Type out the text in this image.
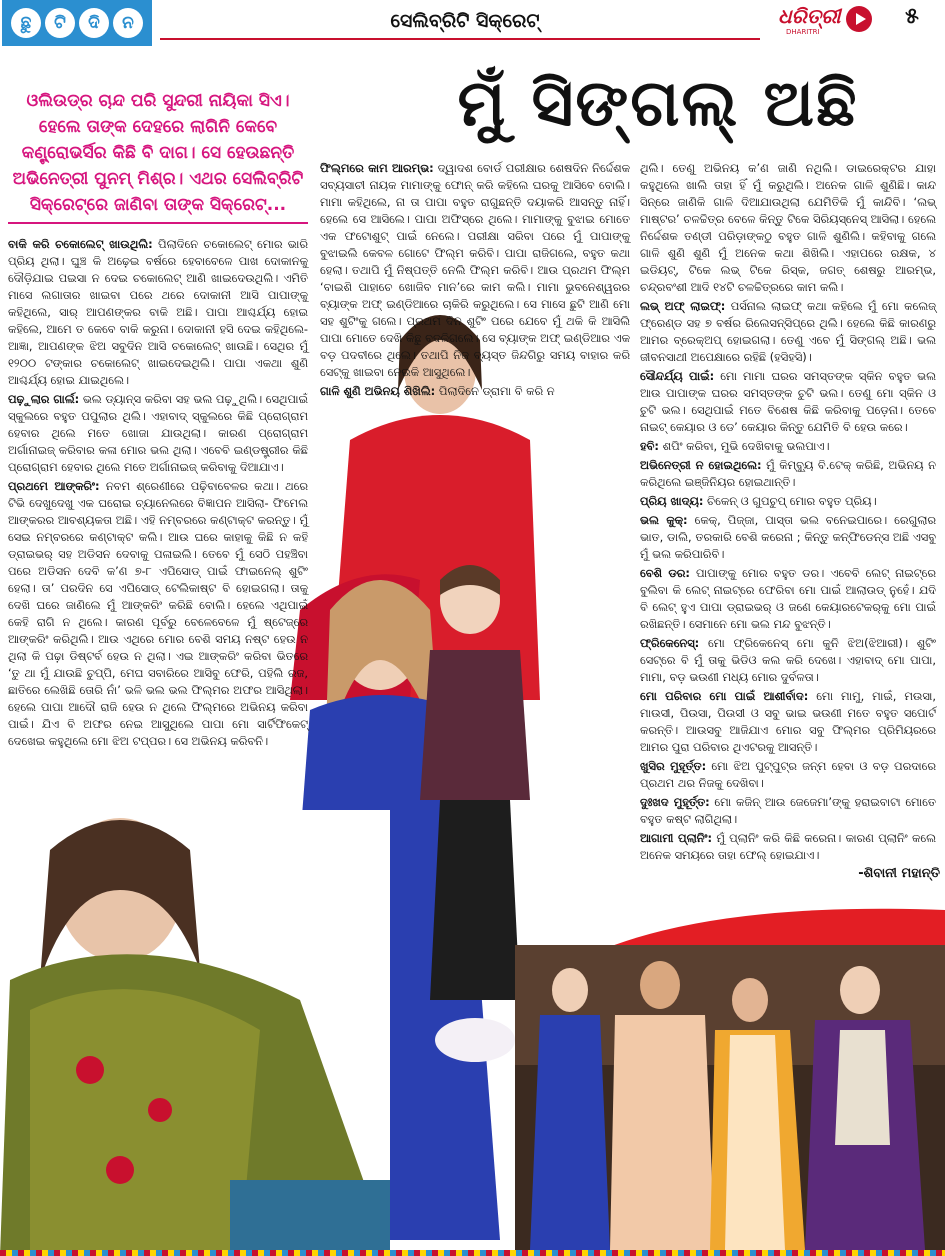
ଛୁ	ଟି	ଦି	ନ	ସେଲିବ୍ରିଟି ସିକ୍ରେଟ୍‌	ଧରିତ୍ରୀ
DHARITRI
୫
ମୁଁ ସିଙ୍ଗଲ୍ ଅଛି
ଓଲିଉଡ୍‌ର ଚାନ୍ଦ ପରି ସୁନ୍ଦରୀ ନାୟିକା ସିଏ। ହେଲେ ତାଙ୍କ ଦେହରେ ଲାଗିନି କେବେ କଣ୍ଟ୍ରୋଭର୍ସିର କିଛି ବି ଦାଗ। ସେ ହେଉଛନ୍ତି ଅଭିନେତ୍ରୀ ପୁନମ୍‌ ମିଶ୍ର। ଏଥର ସେଲିବ୍ରିଟି ସିକ୍ରେଟ୍‌ରେ ଜାଣିବା ତାଙ୍କ ସିକ୍ରେଟ୍‌...

ବାକି କରି ଚକୋଲେଟ୍ ଖାଉଥିଲି: ପିଲାଦିନେ ଚକୋଲେଟ୍ ମୋର ଭାରି ପ୍ରିୟ ଥିଲା। ଘୁଞ୍ଚ କି ଅଢ଼େଇ ବର୍ଷରେ ହେବାବେଳେ ପାଖ ଦୋକାନକୁ ଦୌଡ଼ିଯାଇ ପଇସା ନ ଦେଇ ଚକୋଲେଟ୍ ଆଣି ଖାଇଦେଉଥିଲି। ଏମିତି ମାସେ ଲଗାତାର ଖାଇବା ପରେ ଥରେ ଦୋକାନୀ ଆସି ପାପାଙ୍କୁ କହିଥିଲେ, ସାର୍ ଆପଣଙ୍କର ବାକି ଅଛି। ପାପା ଆଶ୍ଚର୍ଯ୍ୟ ହୋଇ କହିଲେ, ଆମେ ତ କେବେ ବାକି କରୁନା। ଦୋକାନୀ ହସି ଦେଇ କହିଥିଲେ-ଆଜ୍ଞା, ଆପଣଙ୍କ ଝିଅ ସବୁଦିନ ଆସି ଚକୋଲେଟ୍ ଖାଉଛି। ସେଥିର ମୁଁ ୧୨୦୦ ଟଙ୍କାର ଚକୋଲେଟ୍ ଖାଇଦେଇଥିଲି। ପାପା ଏକଥା ଶୁଣି ଆଶ୍ଚର୍ଯ୍ୟ ହୋଇ ଯାଇଥିଲେ।

ପଢ଼ୁଲାର ଗାର୍ଲ: ଭଲ ଡ୍ୟାନ୍ସ କରିବା ସହ ଭଲ ପଢ଼ୁଥିଲି। ସେଥିପାଇଁ ସ୍କୁଲରେ ବହୁତ ପପୁଲାର ଥିଲି। ଏହାବାଦ୍ ସ୍କୁଲରେ କିଛି ପ୍ରୋଗ୍ରାମ ହେବାର ଥିଲେ ମତେ ଖୋଜା ଯାଉଥିଲା। କାରଣ ପ୍ରୋଗ୍ରାମ ଅର୍ଗାନାଇଜ୍ କରିବାର କଳା ମୋର ଭଲ ଥିଲା। ଏବେବି ଇଣ୍ଡଷ୍ଟ୍ରୀର କିଛି ପ୍ରୋଗ୍ରାମ ହେବାର ଥିଲେ ମତେ ଅର୍ଗାନାଇଜ୍ କରିବାକୁ ଦିଆଯାଏ।

ପ୍ରଥମେ ଆଙ୍କରିଂ: ନବମ ଶ୍ରେଣୀରେ ପଢ଼ିବାବେଳର କଥା। ଥରେ ଟିଭି ଦେଖୁଦେଖୁ ଏକ ଘରୋଇ ଚ୍ୟାନେଲରେ ବିଜ୍ଞାପନ ଆସିଲା- ଫିମେଲ ଆଙ୍କରର ଆବଶ୍ୟକତା ଅଛି। ଏହି ନମ୍ବରରେ କଣ୍ଟାକ୍ଟ କରନ୍ତୁ। ମୁଁ ସେଇ ନମ୍ବରରେ କଣ୍ଟାକ୍ଟ କଲି। ଆଉ ଘରେ କାହାକୁ କିଛି ନ କହି ଡ୍ରାଇଭର୍ ସହ ଅଡିସନ ଦେବାକୁ ପଳାଇଲି। ତେବେ ମୁଁ ସେଠି ପହଞ୍ଚିବା ପରେ ଅଡିସନ ଦେବି କ’ଣ ୭-୮ ଏପିସୋଡ୍ ପାଇଁ ଫାଇନେଲ୍ ଶୁଟିଂ ହେଲା। ତା’ ପରଦିନ ସେ ଏପିସୋଡ୍ ଟେଲିକାଷ୍ଟ ବି ହୋଇଗଲା। ତାକୁ ଦେଖି ଘରେ ଜାଣିଲେ ମୁଁ ଆଙ୍କରିଂ କରିଛି ବୋଲି। ହେଲେ ଏଥିପାଇଁ କେହି ରାଗି ନ ଥିଲେ। କାରଣ ପୂର୍ବରୁ ବେଳେବେଳେ ମୁଁ ଷ୍ଟେଜ୍‌ରେ ଆଙ୍କରିଂ କରିଥିଲି। ଆଉ ଏଥିରେ ମୋର ବେଶି ସମୟ ନଷ୍ଟ ହେଉ ନ ଥିଲା କି ପଢ଼ା ଡିଷ୍ଟର୍ବ ହେଉ ନ ଥିଲା। ଏଇ ଆଙ୍କରିଂ କରିବା ଭିତରେ ‘ତୁ ଥା ମୁଁ ଯାଉଛି ଚୁପ୍ପି, ମେଘ ସବାରିରେ ଆସିବୁ ଫେରି, ପହିଲି ରଜ, ଛାତିରେ ଲେଖିଛି ତୋରି ନାଁ’ ଭଳି ଭଲ ଭଲ ଫିଲ୍ମର ଅଫର ଆସିଥିଲା। ହେଲେ ପାପା ଆଦୌ ରାଜି ହେଉ ନ ଥିଲେ ଫିଲ୍ମରେ ଅଭିନୟ କରିବା ପାଇଁ। ଯିଏ ବି ଅଫର ନେଇ ଆସୁଥିଲେ ପାପା ମୋ ସାର୍ଟିଫିକେଟ୍ ଦେଖେଇ କହୁଥିଲେ ମୋ ଝିଅ ଟପ୍ପର। ସେ ଅଭିନୟ କରିବନି।

ଫିଲ୍ମରେ କାମ ଆରମ୍ଭ: ଦ୍ୱାଦଶ ବୋର୍ଡ ପରୀକ୍ଷାର ଶେଷଦିନ ନିର୍ଦ୍ଦେଶକ ସବ୍ୟସାଚୀ ନାୟକ ମାମାଙ୍କୁ ଫୋନ୍ କରି କହିଲେ ଘରକୁ ଆସିବେ ବୋଲି। ମାମା କହିଥିଲେ, ନା ତା ପାପା ବହୁତ ରାଗୁଛନ୍ତି ଦୟାକରି ଆସନ୍ତୁ ନାହିଁ। ହେଲେ ସେ ଆସିଲେ। ପାପା ଅଫିସ୍‌ରେ ଥିଲେ। ମାମାଙ୍କୁ ବୁଝାଇ ମୋତେ ଏକ ଫଟୋଶୁଟ୍ ପାଇଁ ନେଲେ। ପରୀକ୍ଷା ସରିବା ପରେ ମୁଁ ପାପାଙ୍କୁ ବୁଝାଇଲି କେବଳ ଗୋଟେ ଫିଲ୍ମ କରିବି। ପାପା ରାଜିଗଲେ, ବହୁତ କଥା ହେଲା। ତଥାପି ମୁଁ ନିଷ୍ପତ୍ତି ନେଲି ଫିଲ୍ମ କରିବି। ଆଉ ପ୍ରଥମ ଫିଲ୍ମ ‘ବାଇଶି ପାହାଚେ ଖୋଜିବ ମାନ’ରେ କାମ କଲି। ମାମା ଭୁବନେଶ୍ୱରର ବ୍ୟାଙ୍କ ଅଫ୍ ଇଣ୍ଡିଆରେ ଚାକିରି କରୁଥିଲେ। ସେ ମାସେ ଛୁଟି ଆଣି ମୋ ସହ ଶୁଟିଂକୁ ଗଲେ। ପ୍ରଥମ ଦିନ ଶୁଟିଂ ପରେ ଯେବେ ମୁଁ ଥକି କି ଆସିଲି ପାପା ମୋତେ ଦେଖି କିଛୁ ବଦଳିଗଲେ। ସେ ବ୍ୟାଙ୍କ ଅଫ୍ ଇଣ୍ଡିଆର ଏକ ବଡ଼ ପଦବୀରେ ଥିଲେ। ତଥାପି ନିଜ ବ୍ୟସ୍ତ ଜିନ୍ଦଗିରୁ ସମୟ ବାହାର କରି ସେଟ୍‌କୁ ଖାଇବା ନେଇକି ଆସୁଥିଲେ।

ଗାଳି ଶୁଣି ଅଭିନୟ ଶିଖିଲି: ପିଲାଦିନେ ଡ୍ରାମା ବି କରି ନ

ଥିଲି। ତେଣୁ ଅଭିନୟ କ’ଣ ଜାଣି ନଥିଲି। ଡାଇରେକ୍ଟର ଯାହା କହୁଥିଲେ ଖାଲି ତାହା ହିଁ ମୁଁ କରୁଥିଲି। ଅନେକ ଗାଳି ଶୁଣିଛି। କାନ୍ଦ ସିନ୍‌ରେ ଜାଣିକି ଗାଳି ଦିଆଯାଉଥିଲା ଯେମିତିକି ମୁଁ କାନ୍ଦିବି। ‘ଲଭ୍ ମାଷ୍ଟର’ ଚଳଚ୍ଚିତ୍ର ବେଳେ କିନ୍ତୁ ଟିକେ ସିରିୟସ୍‌ନେସ୍ ଆସିଲା। ହେଲେ ନିର୍ଦ୍ଦେଶକ ତଣ୍ଡୀ ପରିଡ଼ାଙ୍କଠୁ ବହୁତ ଗାଳି ଶୁଣିଲି। କହିବାକୁ ଗଲେ ଗାଳି ଶୁଣି ଶୁଣି ମୁଁ ଅନେକ କଥା ଶିଖିଲି। ଏହାପରେ ରକ୍ଷକ, ୪ ଇଡିୟଟ୍, ଟିକେ ଲଭ୍ ଟିକେ ରିସ୍କ, ଜଗତ୍ ଶେଷରୁ ଆରମ୍ଭ, ଚନ୍ଦ୍ରବଂଶୀ ଆଦି ୧୪ଟି ଚଳଚ୍ଚିତ୍ରରେ କାମ କଲି।

ଲଭ୍ ଅଫ୍ ଲାଇଫ୍: ପର୍ସନାଲ ଲାଇଫ୍ କଥା କହିଲେ ମୁଁ ମୋ କଲେଜ୍ ଫ୍ରେଣ୍ଡ ସହ ୭ ବର୍ଷର ରିଲେସନ୍‌ସିପ୍‌ରେ ଥିଲି। ହେଲେ କିଛି କାରଣରୁ ଆମର ବ୍ରେକ୍‌ଅପ୍ ହୋଇଗଲା। ତେଣୁ ଏବେ ମୁଁ ସିଙ୍ଗଲ୍ ଅଛି। ଭଲ ଜୀବନସାଥୀ ଅପେକ୍ଷାରେ ରହିଛି (ହସିହସି)।

ସୌନ୍ଦର୍ଯ୍ୟ ପାଇଁ: ମୋ ମାମା ଘରର ସମସ୍ତଙ୍କ ସ୍କିନ ବହୁତ ଭଲ ଆଉ ପାପାଙ୍କ ଘରର ସମସ୍ତଙ୍କ ଚୁଟି ଭଲ। ତେଣୁ ମୋ ସ୍କିନ ଓ ଚୁଟି ଭଲ। ସେଥିପାଇଁ ମତେ ବିଶେଷ କିଛି କରିବାକୁ ପଡ଼େନା। ତେବେ ନାଇଟ୍ କେୟାର ଓ ଡେ’ କେୟାର କିନ୍ତୁ ଯେମିତି ବି ହେଉ କରେ।

ହବି: ଶପିଂ କରିବା, ମୁଭି ଦେଖିବାକୁ ଭଲପାଏ।

ଅଭିନେତ୍ରୀ ନ ହୋଇଥିଲେ: ମୁଁ କିମ୍ବ୍ୟୁ ବି.ଟେକ୍ କରିଛି, ଅଭିନୟ ନ କରିଥିଲେ ଇଞ୍ଜିନିୟର ହୋଇଥାନ୍ତି।

ପ୍ରିୟ ଖାଦ୍ୟ: ଚିକେନ୍ ଓ ଗୁପଚୁପ୍ ମୋର ବହୁତ ପ୍ରିୟ।

ଭଲ କୁକ୍: କେକ୍, ପିଜ୍ଜା, ପାସ୍ତା ଭଲ ବନେଇପାରେ। ରେଗୁଲାର ଭାତ, ଡାଲି, ତରକାରି ବେଶି କରେନା ; କିନ୍ତୁ କନ୍‌ଫିଡେନ୍ସ ଅଛି ଏସବୁ ମୁଁ ଭଲ କରିପାରିବି।

ବେଶି ଡର: ପାପାଙ୍କୁ ମୋର ବହୁତ ଡର। ଏବେବି ଲେଟ୍ ନାଇଟ୍‌ରେ ବୁଲିବା କି ଲେଟ୍ ନାଇଟ୍‌ରେ ଫେରିବା ମୋ ପାଇଁ ଆଲାଉଡ୍ ନୁହେଁ। ଯଦି ବି ଲେଟ୍ ହୁଏ ପାପା ଡ୍ରାଇଭର୍ ଓ ଜଣେ କେୟାରଟେକର୍‌କୁ ମୋ ପାଇଁ ରଖିଛନ୍ତି। ସେମାନେ ମୋ ଭଲ ମନ୍ଦ ବୁଝନ୍ତି।

ଫ୍ରିକେନେସ୍: ମୋ ଫ୍ରିକେନେସ୍ ମୋ କୁନି ଝିଅ(ଝିଆରୀ)। ଶୁଟିଂ ସେଟ୍‌ରେ ବି ମୁଁ ତାକୁ ଭିଡିଓ କଲ କରି ଦେଖେ। ଏହାବାଦ୍ ମୋ ପାପା, ମାମା, ବଡ଼ ଭଉଣୀ ମଧ୍ୟ ମୋର ଦୁର୍ବଳତା।

ମୋ ପରିବାର ମୋ ପାଇଁ ଆଶୀର୍ବାଦ: ମୋ ମାମୁ, ମାଇଁ, ମଉସା, ମାଉସୀ, ପିଉସା, ପିଉସୀ ଓ ସବୁ ଭାଇ ଭଉଣୀ ମତେ ବହୁତ ସପୋର୍ଟ କରନ୍ତି। ଆଉସବୁ ଆଜିଯାଏ ମୋର ସବୁ ଫିଲ୍ମର ପ୍ରିମିୟରରେ ଆମର ପୁରା ପରିବାର ଥିଏଟରକୁ ଆସନ୍ତି।

ଖୁସିର ମୁହୂର୍ତ୍ତ: ମୋ ଝିଅ ପୁଟ୍‌ପୁଟ୍‌ର ଜନ୍ମ ହେବା ଓ ବଡ଼ ପରଦାରେ ପ୍ରଥମ ଥର ନିଜକୁ ଦେଖିବା।

ଦୁଃଖଦ ମୁହୂର୍ତ୍ତ: ମୋ କଜିନ୍ ଆଉ ଜେଜେମା’ଙ୍କୁ ହରାଇବାଟା ମୋତେ ବହୁତ କଷ୍ଟ ଲାଗିଥିଲା।

ଆଗାମୀ ପ୍ଲାନିଂ: ମୁଁ ପ୍ଲାନିଂ କରି କିଛି କରେନା। କାରଣ ପ୍ଲାନିଂ କଲେ ଅନେକ ସମୟରେ ତାହା ଫେଲ୍ ହୋଇଯାଏ।

-ଶିବାନୀ ମହାନ୍ତି
